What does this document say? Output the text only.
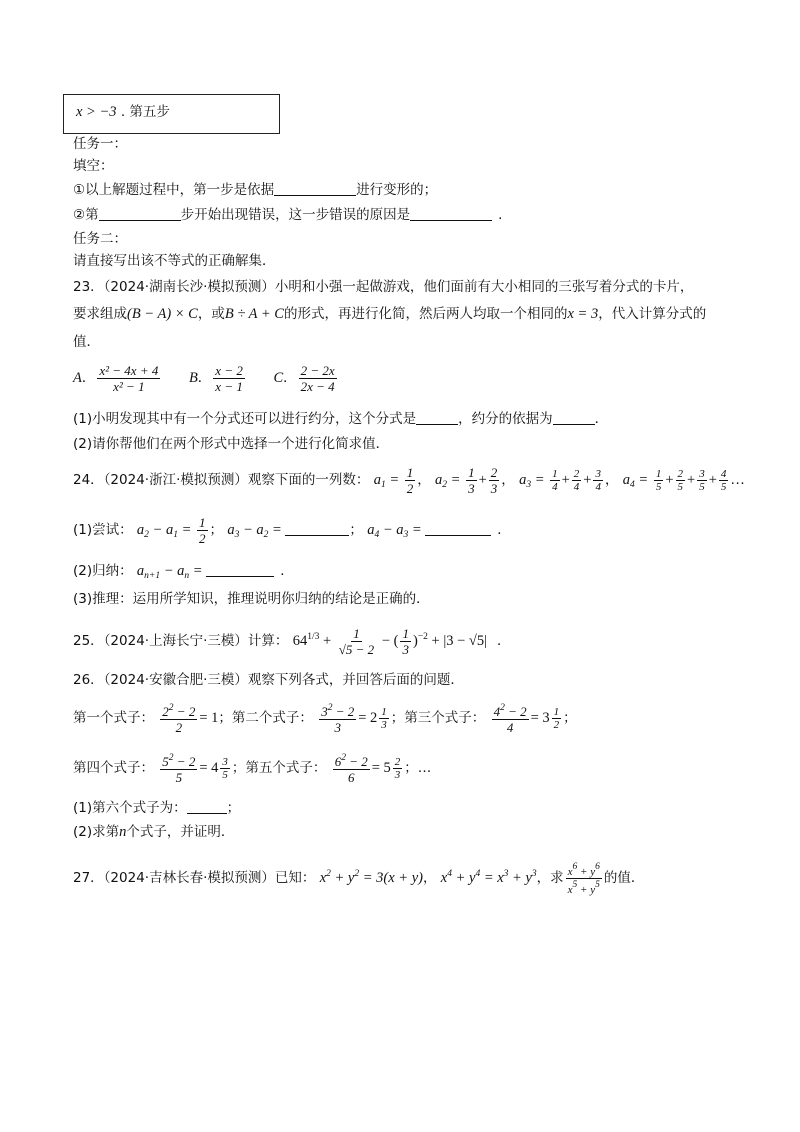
x > −3 . 第五步
任务一：
填空：
①以上解题过程中，第一步是依据	进行变形的；
②第	步开始出现错误，这一步错误的原因是	.
任务二：
请直接写出该不等式的正确解集．
23．（2024·湖南长沙·模拟预测）小明和小强一起做游戏，他们面前有大小相同的三张写着分式的卡片，
要求组成(B − A) × C，或B ÷ A + C的形式，再进行化简，然后两人均取一个相同的x = 3，代入计算分式的
值．
A． $\frac{\text{x² − 4x + 4}}{\text{x² − 1}}$ B． $\frac{x - 2}{x - 1}$ C． $\frac{2 - 2x}{2x - 4}$
(1)小明发现其中有一个分式还可以进行约分，这个分式是	，约分的依据为	．
(2)请你帮他们在两个形式中选择一个进行化简求值．
24．（2024·浙江·模拟预测）观察下面的一列数： $a_1 = \frac{1}{2}$ ， $a_2 = \frac{1}{3} + \frac{2}{3}$ ， $a_3 = \frac{1}{4} + \frac{2}{4} + \frac{3}{4}$ ， $a_4 = \frac{1}{5} + \frac{2}{5} + \frac{3}{5} + \frac{4}{5}$ …
(1)尝试： $a_2 - a_1 = \frac{1}{2}$ ； $a_3 - a_2$ =	； $a_4 - a_3$ =	．
(2)归纳： $a_{n+1} - a_n$ =	．
(3)推理：运用所学知识，推理说明你归纳的结论是正确的．
25．（2024·上海长宁·三模）计算： $64^{1/3} + \frac{1}{√5 - 2}$ − ( $\frac{1}{3} )^{-2} + |3 - √5|$ ．
26．（2024·安徽合肥·三模）观察下列各式，并回答后面的问题．
第一个式子： $\frac{2^2 - 2}{2} = 1$；第二个式子： $\frac{3^2 - 2}{3} = 2 \frac{1}{3}$ ；第三个式子： $\frac{4^2 - 2}{4} = 3 \frac{1}{2}$ ；
第四个式子： $\frac{5^2 - 2}{5} = 4 \frac{3}{5}$ ；第五个式子： $\frac{6^2 - 2}{6} = 5 \frac{2}{3}$ ；…
(1)第六个式子为：	；
(2)求第n个式子，并证明．
27．（2024·吉林长春·模拟预测）已知： $x^2 + y^2 = 3(x + y)$， $x^4 + y^4 = x^3 + y^3$，求 $\frac{x^6 + y^6}{x^5 + y^5}$ 的值．
